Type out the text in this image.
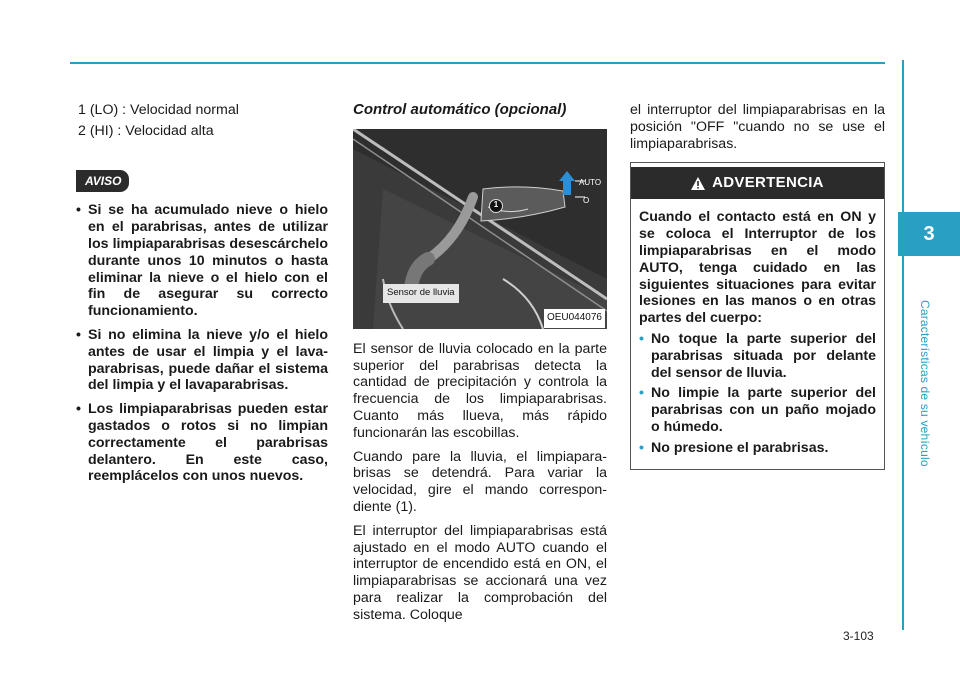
3
Características de su vehículo
1 (LO) : Velocidad normal
2 (HI) : Velocidad alta
AVISO
• Si se ha acumulado nieve o hielo en el parabrisas, antes de utilizar los limpiaparabrisas desescárchelo durante unos 10 minutos o hasta eliminar la nieve o el hielo con el fin de asegurar su correcto funcionamiento.
• Si no elimina la nieve y/o el hielo antes de usar el limpia y el lavaparabrisas, puede dañar el sistema del limpia y el lavaparabrisas.
• Los limpiaparabrisas pueden estar gastados o rotos si no limpian correctamente el parabrisas delantero. En este caso, reemplácelos con unos nuevos.
Control automático (opcional)
AUTO
O
1
Sensor de lluvia
OEU044076

El sensor de lluvia colocado en la parte superior del parabrisas detecta la cantidad de precipitación y controla la frecuencia de los limpiaparabrisas. Cuanto más llueva, más rápido funcionarán las escobillas.

Cuando pare la lluvia, el limpiaparabrisas se detendrá. Para variar la velocidad, gire el mando correspondiente (1).

El interruptor del limpiaparabrisas está ajustado en el modo AUTO cuando el interruptor de encendido está en ON, el limpiaparabrisas se accionará una vez para realizar la comprobación del sistema. Coloque

el interruptor del limpiaparabrisas en la posición "OFF "cuando no se use el limpiaparabrisas.

ADVERTENCIA

Cuando el contacto está en ON y se coloca el Interruptor de los limpiaparabrisas en el modo AUTO, tenga cuidado en las siguientes situaciones para evitar lesiones en las manos o en otras partes del cuerpo:

• No toque la parte superior del parabrisas situada por delante del sensor de lluvia.
• No limpie la parte superior del parabrisas con un paño mojado o húmedo.
• No presione el parabrisas.
3-103
